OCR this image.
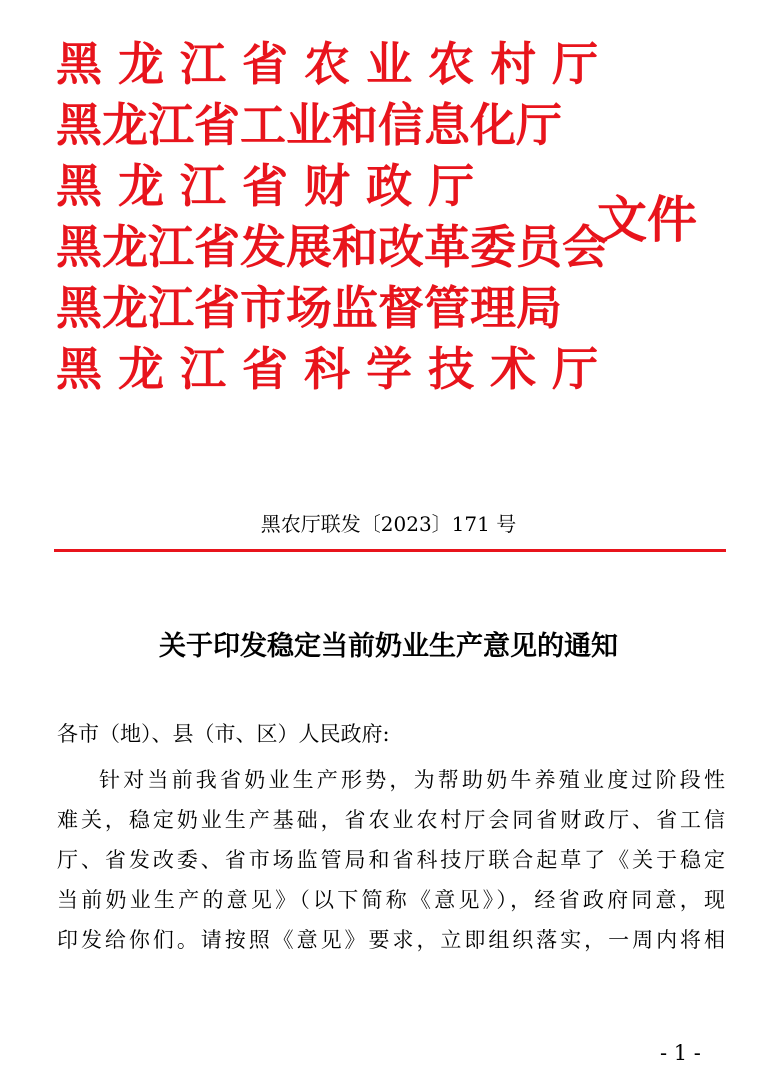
黑 龙 江 省 农 业 农 村 厅
黑龙江省工业和信息化厅
黑 龙 江 省 财 政 厅
黑龙江省发展和改革委员会
黑龙江省市场监督管理局
黑 龙 江 省 科 学 技 术 厅
文件
黑农厅联发〔2023〕171 号
关于印发稳定当前奶业生产意见的通知
各市（地）、县（市、区）人民政府:
针对当前我省奶业生产形势，为帮助奶牛养殖业度过阶段性
难关，稳定奶业生产基础，省农业农村厅会同省财政厅、省工信
厅、省发改委、省市场监管局和省科技厅联合起草了《关于稳定
当前奶业生产的意见》（以下简称《意见》），经省政府同意，现
印发给你们。请按照《意见》要求，立即组织落实，一周内将相
- 1 -
